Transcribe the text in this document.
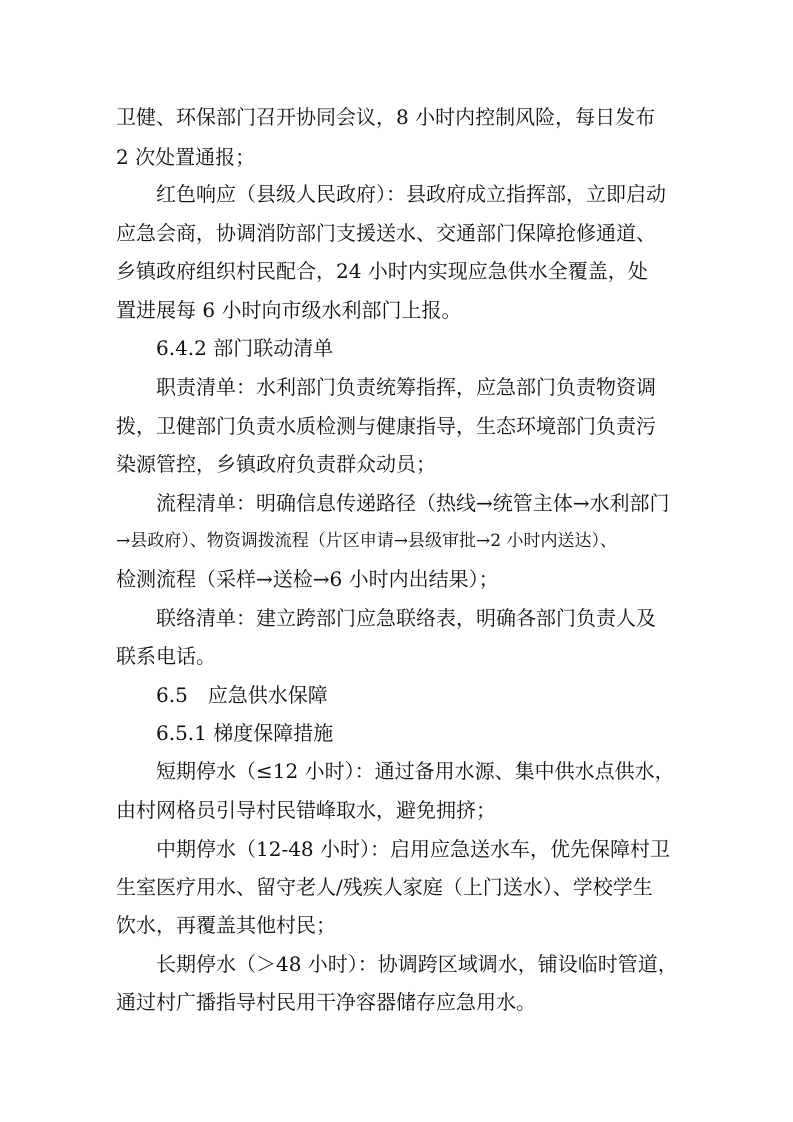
卫健、环保部门召开协同会议，8 小时内控制风险，每日发布
2 次处置通报；
红色响应（县级人民政府）：县政府成立指挥部，立即启动
应急会商，协调消防部门支援送水、交通部门保障抢修通道、
乡镇政府组织村民配合，24 小时内实现应急供水全覆盖，处
置进展每 6 小时向市级水利部门上报。
6.4.2 部门联动清单
职责清单：水利部门负责统筹指挥，应急部门负责物资调
拨，卫健部门负责水质检测与健康指导，生态环境部门负责污
染源管控，乡镇政府负责群众动员；
流程清单：明确信息传递路径（热线→统管主体→水利部门
→县政府）、物资调拨流程（片区申请→县级审批→2 小时内送达）、
检测流程（采样→送检→6 小时内出结果）；
联络清单：建立跨部门应急联络表，明确各部门负责人及
联系电话。
6.5　应急供水保障
6.5.1 梯度保障措施
短期停水（≤12 小时）：通过备用水源、集中供水点供水，
由村网格员引导村民错峰取水，避免拥挤；
中期停水（12-48 小时）：启用应急送水车，优先保障村卫
生室医疗用水、留守老人/残疾人家庭（上门送水）、学校学生
饮水，再覆盖其他村民；
长期停水（＞48 小时）：协调跨区域调水，铺设临时管道，
通过村广播指导村民用干净容器储存应急用水。
